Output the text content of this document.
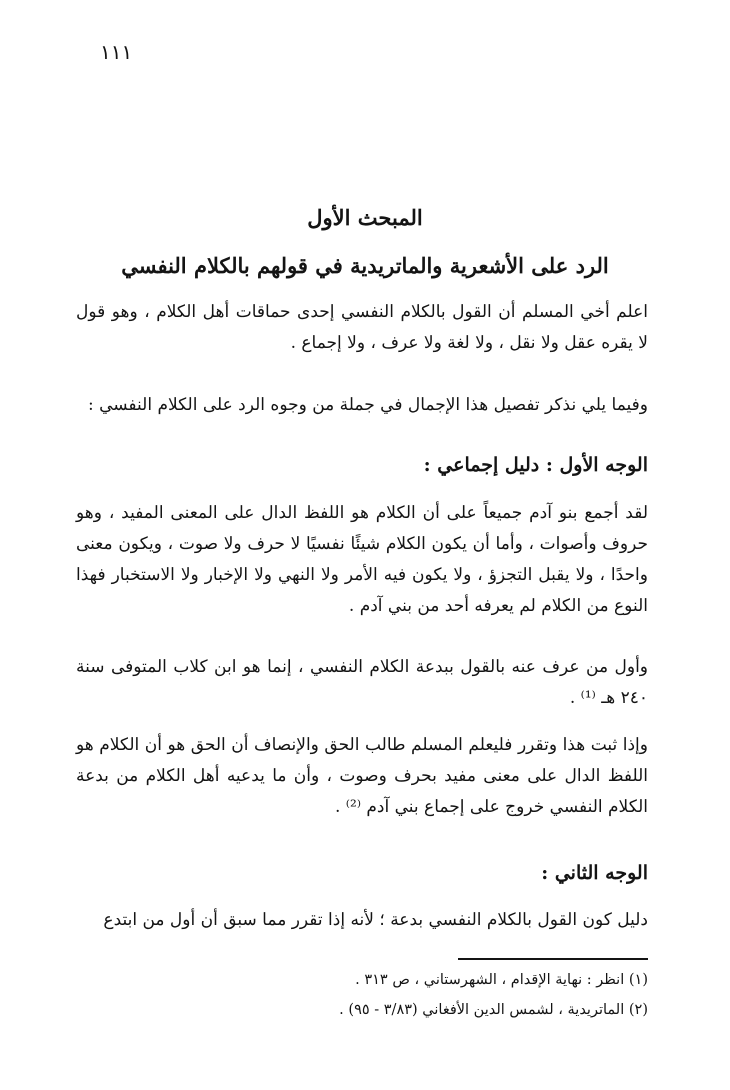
١١١
المبحث الأول
الرد على الأشعرية والماتريدية في قولهم بالكلام النفسي

اعلم أخي المسلم أن القول بالكلام النفسي إحدى حماقات أهل الكلام ، وهو قول لا يقره عقل ولا نقل ، ولا لغة ولا عرف ، ولا إجماع .

وفيما يلي نذكر تفصيل هذا الإجمال في جملة من وجوه الرد على الكلام النفسي :

الوجه الأول : دليل إجماعي :

لقد أجمع بنو آدم جميعاً على أن الكلام هو اللفظ الدال على المعنى المفيد ، وهو حروف وأصوات ، وأما أن يكون الكلام شيئًا نفسيًا لا حرف ولا صوت ، ويكون معنى واحدًا ، ولا يقبل التجزؤ ، ولا يكون فيه الأمر ولا النهي ولا الإخبار ولا الاستخبار فهذا النوع من الكلام لم يعرفه أحد من بني آدم .

وأول من عرف عنه بالقول ببدعة الكلام النفسي ، إنما هو ابن كلاب المتوفى سنة ٢٤٠ هـ ⁽¹⁾ .

وإذا ثبت هذا وتقرر فليعلم المسلم طالب الحق والإنصاف أن الحق هو أن الكلام هو اللفظ الدال على معنى مفيد بحرف وصوت ، وأن ما يدعيه أهل الكلام من بدعة الكلام النفسي خروج على إجماع بني آدم ⁽²⁾ .

الوجه الثاني :

دليل كون القول بالكلام النفسي بدعة ؛ لأنه إذا تقرر مما سبق أن أول من ابتدع

(١) انظر : نهاية الإقدام ، الشهرستاني ، ص ٣١٣ .
(٢) الماتريدية ، لشمس الدين الأفغاني (٣/٨٣ - ٩٥) .
